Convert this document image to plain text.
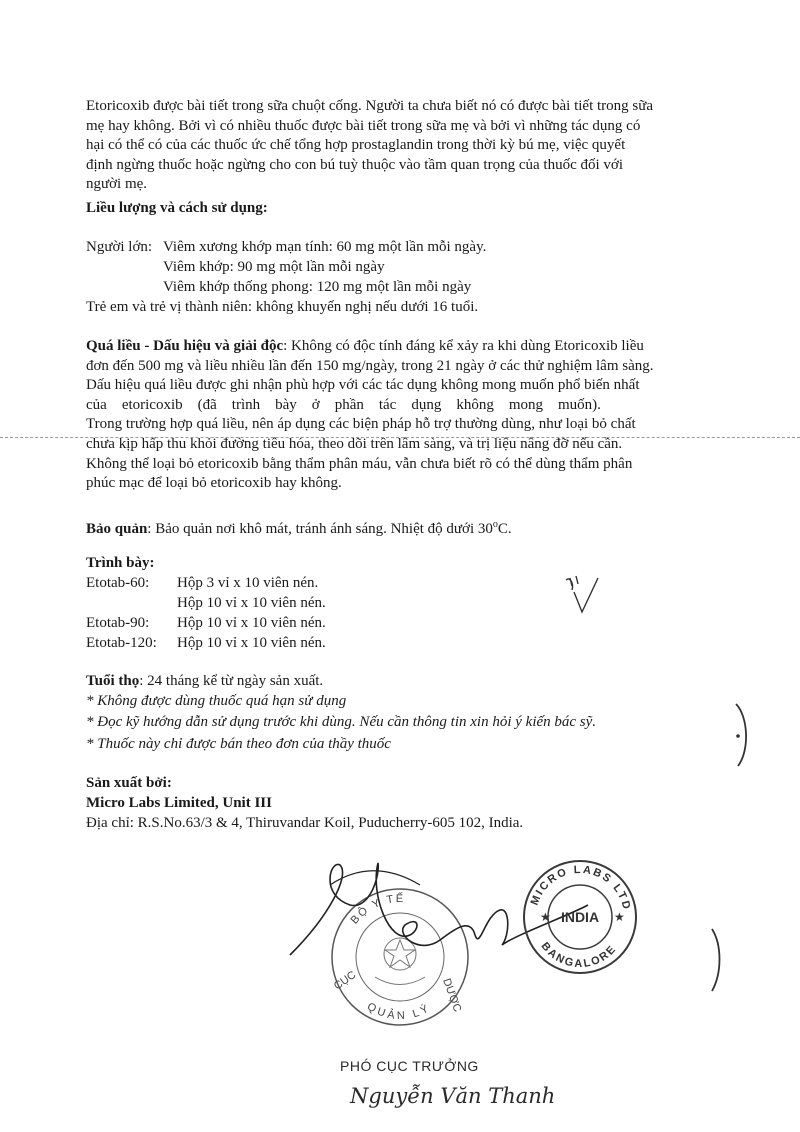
Etoricoxib được bài tiết trong sữa chuột cống. Người ta chưa biết nó có được bài tiết trong sữa
mẹ hay không. Bởi vì có nhiều thuốc được bài tiết trong sữa mẹ và bởi vì những tác dụng có
hại có thể có của các thuốc ức chế tổng hợp prostaglandin trong thời kỳ bú mẹ, việc quyết
định ngừng thuốc hoặc ngừng cho con bú tuỳ thuộc vào tầm quan trọng của thuốc đối với
người mẹ.
Liều lượng và cách sử dụng:
Người lớn: Viêm xương khớp mạn tính: 60 mg một lần mỗi ngày.
Viêm khớp: 90 mg một lần mỗi ngày
Viêm khớp thống phong: 120 mg một lần mỗi ngày
Trẻ em và trẻ vị thành niên: không khuyến nghị nếu dưới 16 tuổi.
Quá liều - Dấu hiệu và giải độc: Không có độc tính đáng kể xảy ra khi dùng Etoricoxib liều
đơn đến 500 mg và liều nhiều lần đến 150 mg/ngày, trong 21 ngày ở các thử nghiệm lâm sàng.
Dấu hiệu quá liều được ghi nhận phù hợp với các tác dụng không mong muốn phổ biến nhất
của    etoricoxib    (đã    trình    bày    ở    phần    tác    dụng    không    mong    muốn).
Trong trường hợp quá liều, nên áp dụng các biện pháp hỗ trợ thường dùng, như loại bỏ chất
chưa kịp hấp thu khỏi đường tiêu hóa, theo dõi trên lâm sàng, và trị liệu nâng đỡ nếu cần.
Không thể loại bỏ etoricoxib bằng thẩm phân máu, vẫn chưa biết rõ có thể dùng thẩm phân
phúc mạc để loại bỏ etoricoxib hay không.
Bảo quản: Bảo quản nơi khô mát, tránh ánh sáng. Nhiệt độ dưới 30$^o$C.
Trình bày:
Etotab-60: Hộp 3 vỉ x 10 viên nén.
Hộp 10 vỉ x 10 viên nén.
Etotab-90: Hộp 10 vỉ x 10 viên nén.
Etotab-120: Hộp 10 vỉ x 10 viên nén.
Tuổi thọ: 24 tháng kể từ ngày sản xuất.
* Không được dùng thuốc quá hạn sử dụng
* Đọc kỹ hướng dẫn sử dụng trước khi dùng. Nếu cần thông tin xin hỏi ý kiến bác sỹ.
* Thuốc này chỉ được bán theo đơn của thầy thuốc
Sản xuất bởi:
Micro Labs Limited, Unit III
Địa chỉ: R.S.No.63/3 & 4, Thiruvandar Koil, Puducherry-605 102, India.
BỘ Y TẾ
QUẢN LÝ
CỤC	DƯỢC
MICRO LABS LTD
BANGALORE
INDIA
★	★
PHÓ CỤC TRƯỞNG
Nguyễn Văn Thanh
